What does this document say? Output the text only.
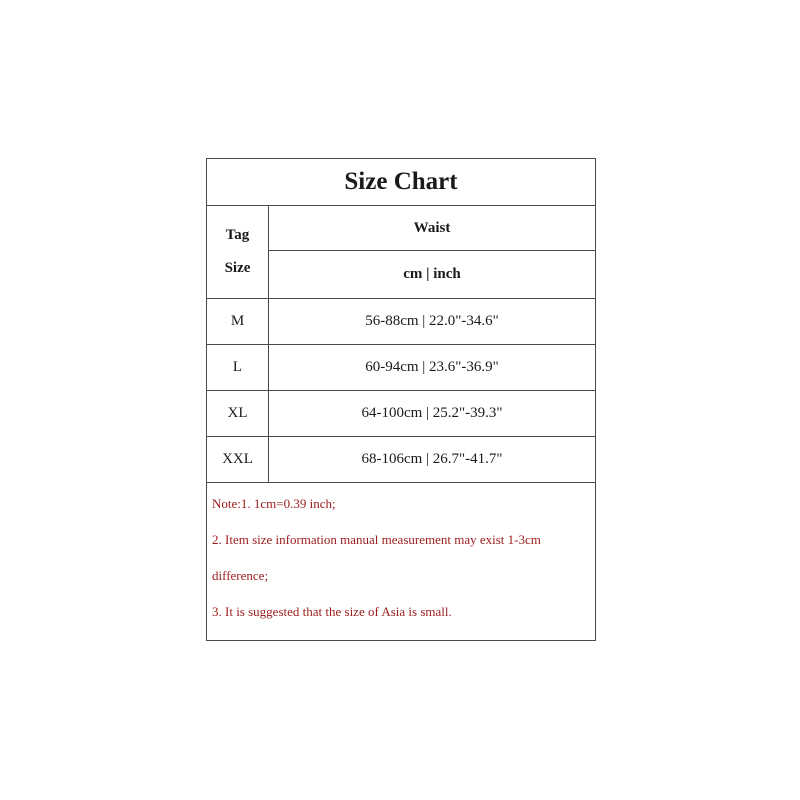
Size Chart
Tag
Size
Waist
cm | inch
M	56-88cm | 22.0"-34.6"
L	60-94cm | 23.6"-36.9"
XL	64-100cm | 25.2"-39.3"
XXL	68-106cm | 26.7"-41.7"
Note:1. 1cm=0.39 inch;
2. Item size information manual measurement may exist 1-3cm
difference;
3. It is suggested that the size of Asia is small.
